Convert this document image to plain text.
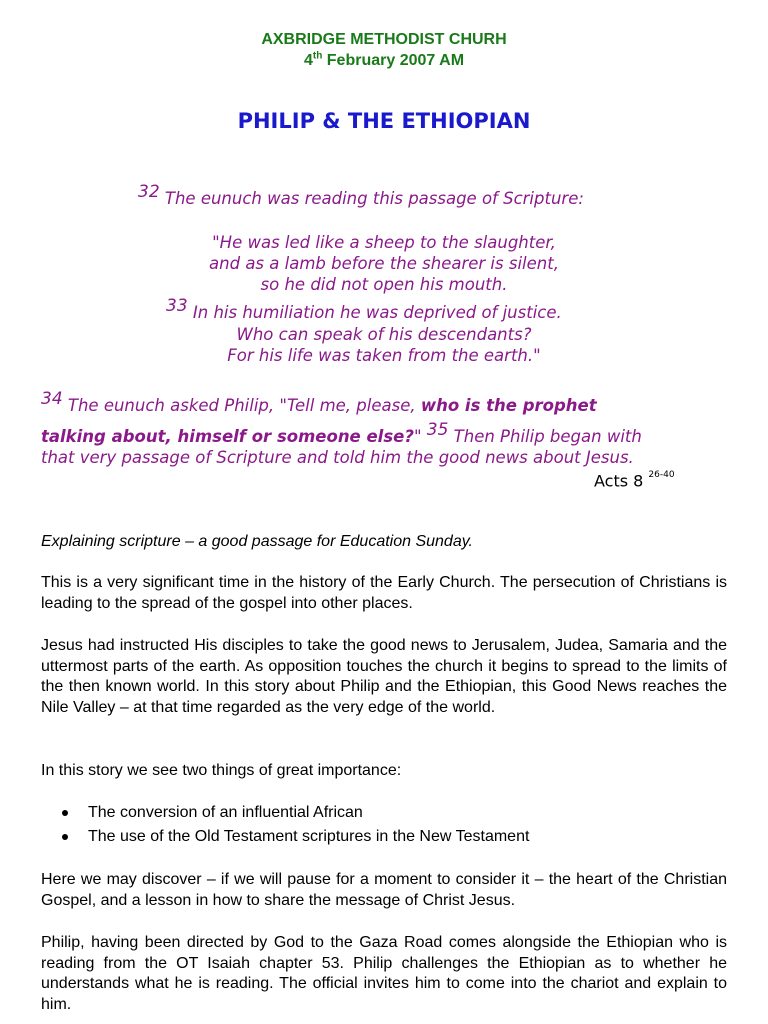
AXBRIDGE METHODIST CHURH
4th February 2007 AM
PHILIP & THE ETHIOPIAN
32 The eunuch was reading this passage of Scripture:
"He was led like a sheep to the slaughter,
and as a lamb before the shearer is silent,
so he did not open his mouth.
33 In his humiliation he was deprived of justice.
Who can speak of his descendants?
For his life was taken from the earth."
34 The eunuch asked Philip, "Tell me, please, who is the prophet
talking about, himself or someone else?" 35 Then Philip began with
that very passage of Scripture and told him the good news about Jesus.
Acts 8 $^{26-40}$
Explaining scripture – a good passage for Education Sunday.
This is a very significant time in the history of the Early Church. The persecution of Christians is leading to the spread of the gospel into other places.
Jesus had instructed His disciples to take the good news to Jerusalem, Judea, Samaria and the uttermost parts of the earth. As opposition touches the church it begins to spread to the limits of the then known world. In this story about Philip and the Ethiopian, this Good News reaches the Nile Valley – at that time regarded as the very edge of the world.
In this story we see two things of great importance:
The conversion of an influential African
The use of the Old Testament scriptures in the New Testament
Here we may discover – if we will pause for a moment to consider it – the heart of the Christian Gospel, and a lesson in how to share the message of Christ Jesus.
Philip, having been directed by God to the Gaza Road comes alongside the Ethiopian who is reading from the OT Isaiah chapter 53. Philip challenges the Ethiopian as to whether he understands what he is reading. The official invites him to come into the chariot and explain to him.
